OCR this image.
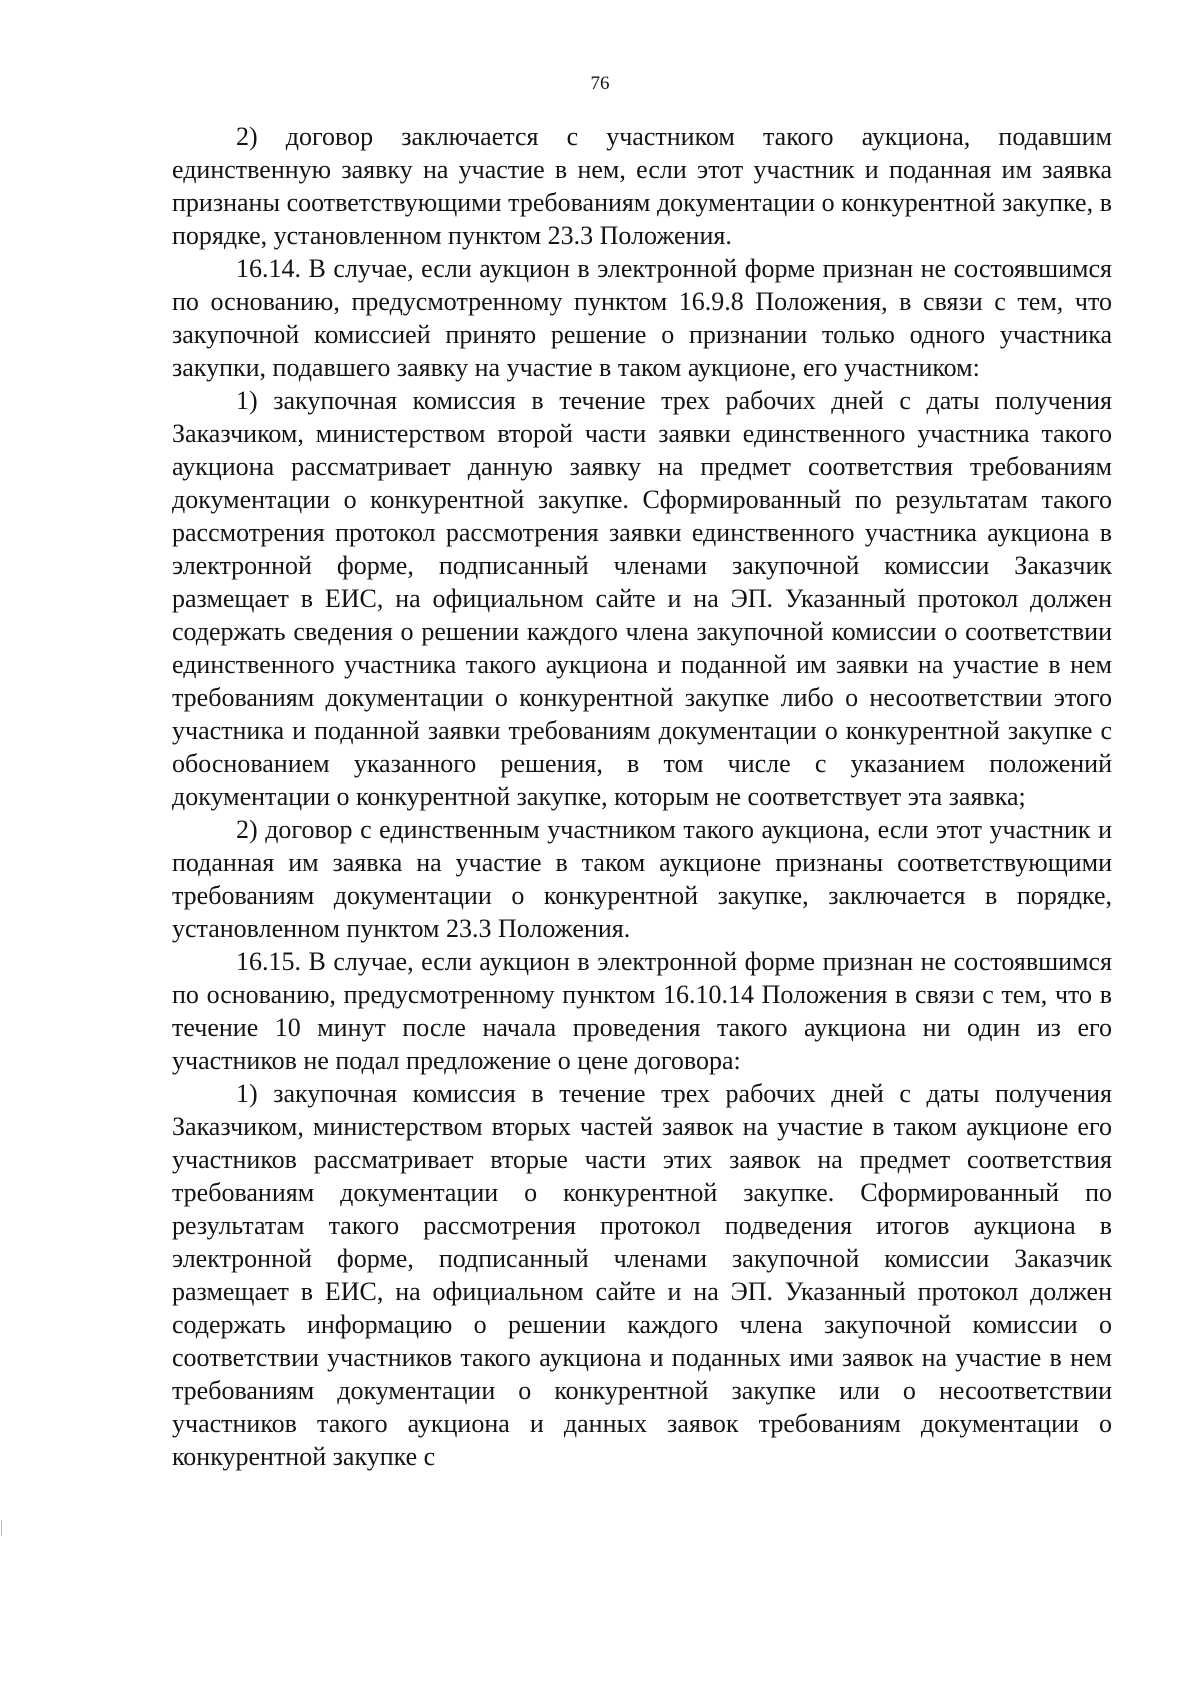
76

2) договор заключается с участником такого аукциона, подавшим единственную заявку на участие в нем, если этот участник и поданная им заявка признаны соответствующими требованиям документации о конкурентной закупке, в порядке, установленном пунктом 23.3 Положения.

16.14. В случае, если аукцион в электронной форме признан не состоявшимся по основанию, предусмотренному пунктом 16.9.8 Положения, в связи с тем, что закупочной комиссией принято решение о признании только одного участника закупки, подавшего заявку на участие в таком аукционе, его участником:

1) закупочная комиссия в течение трех рабочих дней с даты получения Заказчиком, министерством второй части заявки единственного участника такого аукциона рассматривает данную заявку на предмет соответствия требованиям документации о конкурентной закупке. Сформированный по результатам такого рассмотрения протокол рассмотрения заявки единственного участника аукциона в электронной форме, подписанный членами закупочной комиссии Заказчик размещает в ЕИС, на официальном сайте и на ЭП. Указанный протокол должен содержать сведения о решении каждого члена закупочной комиссии о соответствии единственного участника такого аукциона и поданной им заявки на участие в нем требованиям документации о конкурентной закупке либо о несоответствии этого участника и поданной заявки требованиям документации о конкурентной закупке с обоснованием указанного решения, в том числе с указанием положений документации о конкурентной закупке, которым не соответствует эта заявка;

2) договор с единственным участником такого аукциона, если этот участник и поданная им заявка на участие в таком аукционе признаны соответствующими требованиям документации о конкурентной закупке, заключается в порядке, установленном пунктом 23.3 Положения.

16.15. В случае, если аукцион в электронной форме признан не состоявшимся по основанию, предусмотренному пунктом 16.10.14 Положения в связи с тем, что в течение 10 минут после начала проведения такого аукциона ни один из его участников не подал предложение о цене договора:

1) закупочная комиссия в течение трех рабочих дней с даты получения Заказчиком, министерством вторых частей заявок на участие в таком аукционе его участников рассматривает вторые части этих заявок на предмет соответствия требованиям документации о конкурентной закупке. Сформированный по результатам такого рассмотрения протокол подведения итогов аукциона в электронной форме, подписанный членами закупочной комиссии Заказчик размещает в ЕИС, на официальном сайте и на ЭП. Указанный протокол должен содержать информацию о решении каждого члена закупочной комиссии о соответствии участников такого аукциона и поданных ими заявок на участие в нем требованиям документации о конкурентной закупке или о несоответствии участников такого аукциона и данных заявок требованиям документации о конкурентной закупке с
